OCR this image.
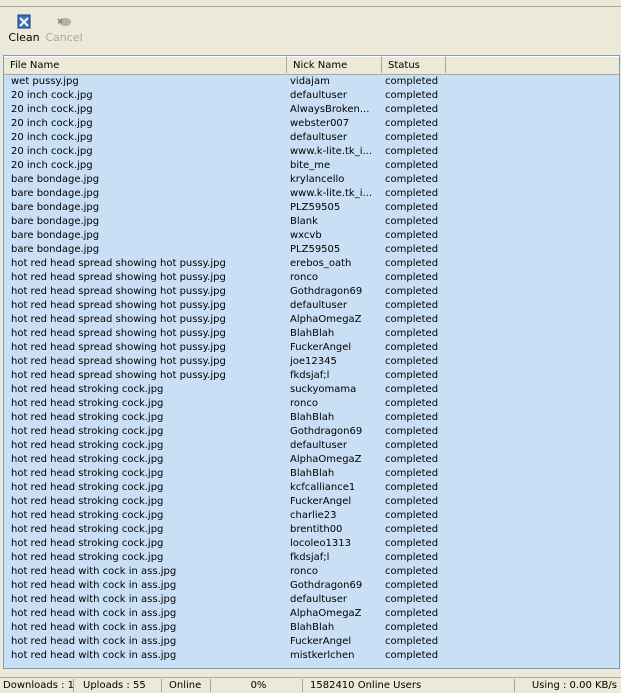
Clean Cancel
File Name	Nick Name	Status
wet pussy.jpg	vidajam	completed
20 inch cock.jpg	defaultuser	completed
20 inch cock.jpg	AlwaysBroken...	completed
20 inch cock.jpg	webster007	completed
20 inch cock.jpg	defaultuser	completed
20 inch cock.jpg	www.k-lite.tk_i...	completed
20 inch cock.jpg	bite_me	completed
bare bondage.jpg	krylancello	completed
bare bondage.jpg	www.k-lite.tk_i...	completed
bare bondage.jpg	PLZ59505	completed
bare bondage.jpg	Blank	completed
bare bondage.jpg	wxcvb	completed
bare bondage.jpg	PLZ59505	completed
hot red head spread showing hot pussy.jpg	erebos_oath	completed
hot red head spread showing hot pussy.jpg	ronco	completed
hot red head spread showing hot pussy.jpg	Gothdragon69	completed
hot red head spread showing hot pussy.jpg	defaultuser	completed
hot red head spread showing hot pussy.jpg	AlphaOmegaZ	completed
hot red head spread showing hot pussy.jpg	BlahBlah	completed
hot red head spread showing hot pussy.jpg	FuckerAngel	completed
hot red head spread showing hot pussy.jpg	joe12345	completed
hot red head spread showing hot pussy.jpg	fkdsjaf;l	completed
hot red head stroking cock.jpg	suckyomama	completed
hot red head stroking cock.jpg	ronco	completed
hot red head stroking cock.jpg	BlahBlah	completed
hot red head stroking cock.jpg	Gothdragon69	completed
hot red head stroking cock.jpg	defaultuser	completed
hot red head stroking cock.jpg	AlphaOmegaZ	completed
hot red head stroking cock.jpg	BlahBlah	completed
hot red head stroking cock.jpg	kcfcalliance1	completed
hot red head stroking cock.jpg	FuckerAngel	completed
hot red head stroking cock.jpg	charlie23	completed
hot red head stroking cock.jpg	brentith00	completed
hot red head stroking cock.jpg	locoleo1313	completed
hot red head stroking cock.jpg	fkdsjaf;l	completed
hot red head with cock in ass.jpg	ronco	completed
hot red head with cock in ass.jpg	Gothdragon69	completed
hot red head with cock in ass.jpg	defaultuser	completed
hot red head with cock in ass.jpg	AlphaOmegaZ	completed
hot red head with cock in ass.jpg	BlahBlah	completed
hot red head with cock in ass.jpg	FuckerAngel	completed
hot red head with cock in ass.jpg	mistkerlchen	completed
Downloads : 1 Uploads : 55	Online	0%	1582410 Online Users	Using : 0.00 KB/s
